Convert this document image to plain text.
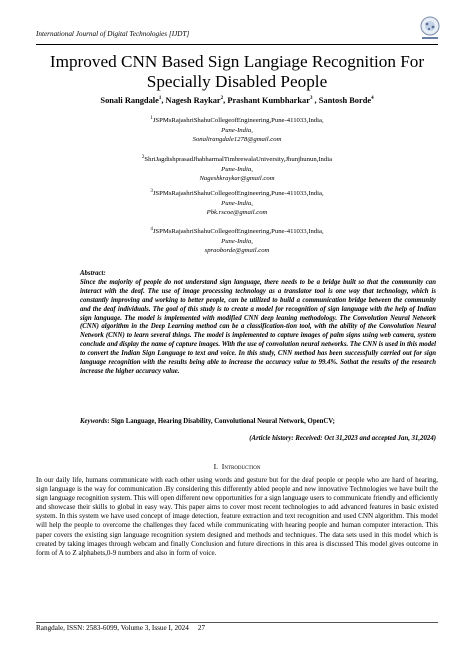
International Journal of Digital Technologies [IJDT]
Improved CNN Based Sign Langiage Recognition For Specially Disabled People
Sonali Rangdale$^1$, Nagesh Raykar$^2$, Prashant Kumbharkar$^3$ , Santosh Borde$^4$
$^1$JSPMsRajashriShahuCollegeofEngineering,Pune-411033,India,
Pune-India,
Sonalirangdale1278@gmail.com
$^2$ShriJagdishprasadJhabharmalTimbrewalaUniversity,Jhunjhunun,India
Pune-India,
Nageshkraykar@gmail.com
$^3$JSPMsRajashriShahuCollegeofEngineering,Pune-411033,India,
Pune-India,
Pbk.rscoe@gmail.com
$^4$JSPMsRajashriShahuCollegeofEngineering,Pune-411033,India,
Pune-India,
spraoborde@gmail.com
Abstract:
Since the majority of people do not understand sign language, there needs to be a bridge built so that the community can interact with the deaf. The use of image processing technology as a translator tool is one way that technology, which is constantly improving and working to better people, can be utilized to build a communication bridge between the community and the deaf individuals. The goal of this study is to create a model for recognition of sign language with the help of Indian sign language. The model is implemented with modified CNN deep leaning methodology. The Convolution Neural Network (CNN) algorithm in the Deep Learning method can be a classification-tion tool, with the ability of the Convolution Neural Network (CNN) to learn several things. The model is implemented to capture images of palm signs using web camera, system conclude and display the name of capture images. With the use of convolution neural networks. The CNN is used in this model to convert the Indian Sign Language to text and voice. In this study, CNN method has been successfully carried out for sign language recognition with the results being able to increase the accuracy value to 99.4%. Sothat the results of the research increase the higher accuracy value.
Keywords: Sign Language, Hearing Disability, Convolutional Neural Network, OpenCV;
(Article history: Received: Oct 31,2023 and accepted Jan, 31,2024)
I. Introduction
In our daily life, humans communicate with each other using words and gesture but for the deaf people or people who are hard of hearing, sign language is the way for communication .By considering this differently abled people and new innovative Technologies we have built the sign language recognition system. This will open different new opportunities for a sign language users to communicate friendly and efficiently and showcase their skills to global in easy way. This paper aims to cover most recent technologies to add advanced features in basic existed system. In this system we have used concept of image detection, feature extraction and text recognition and used CNN algorithm. This model will help the people to overcome the challenges they faced while communicating with hearing people and human computer interaction. This paper covers the existing sign language recognition system designed and methods and techniques. The data sets used in this model which is created by taking images through webcam and finally Conclusion and future directions in this area is discussed This model gives outcome in form of A to Z alphabets,0-9 numbers and also in form of voice.
Rangdale, ISSN: 2583-6099, Volume 3, Issue I, 2024 27
